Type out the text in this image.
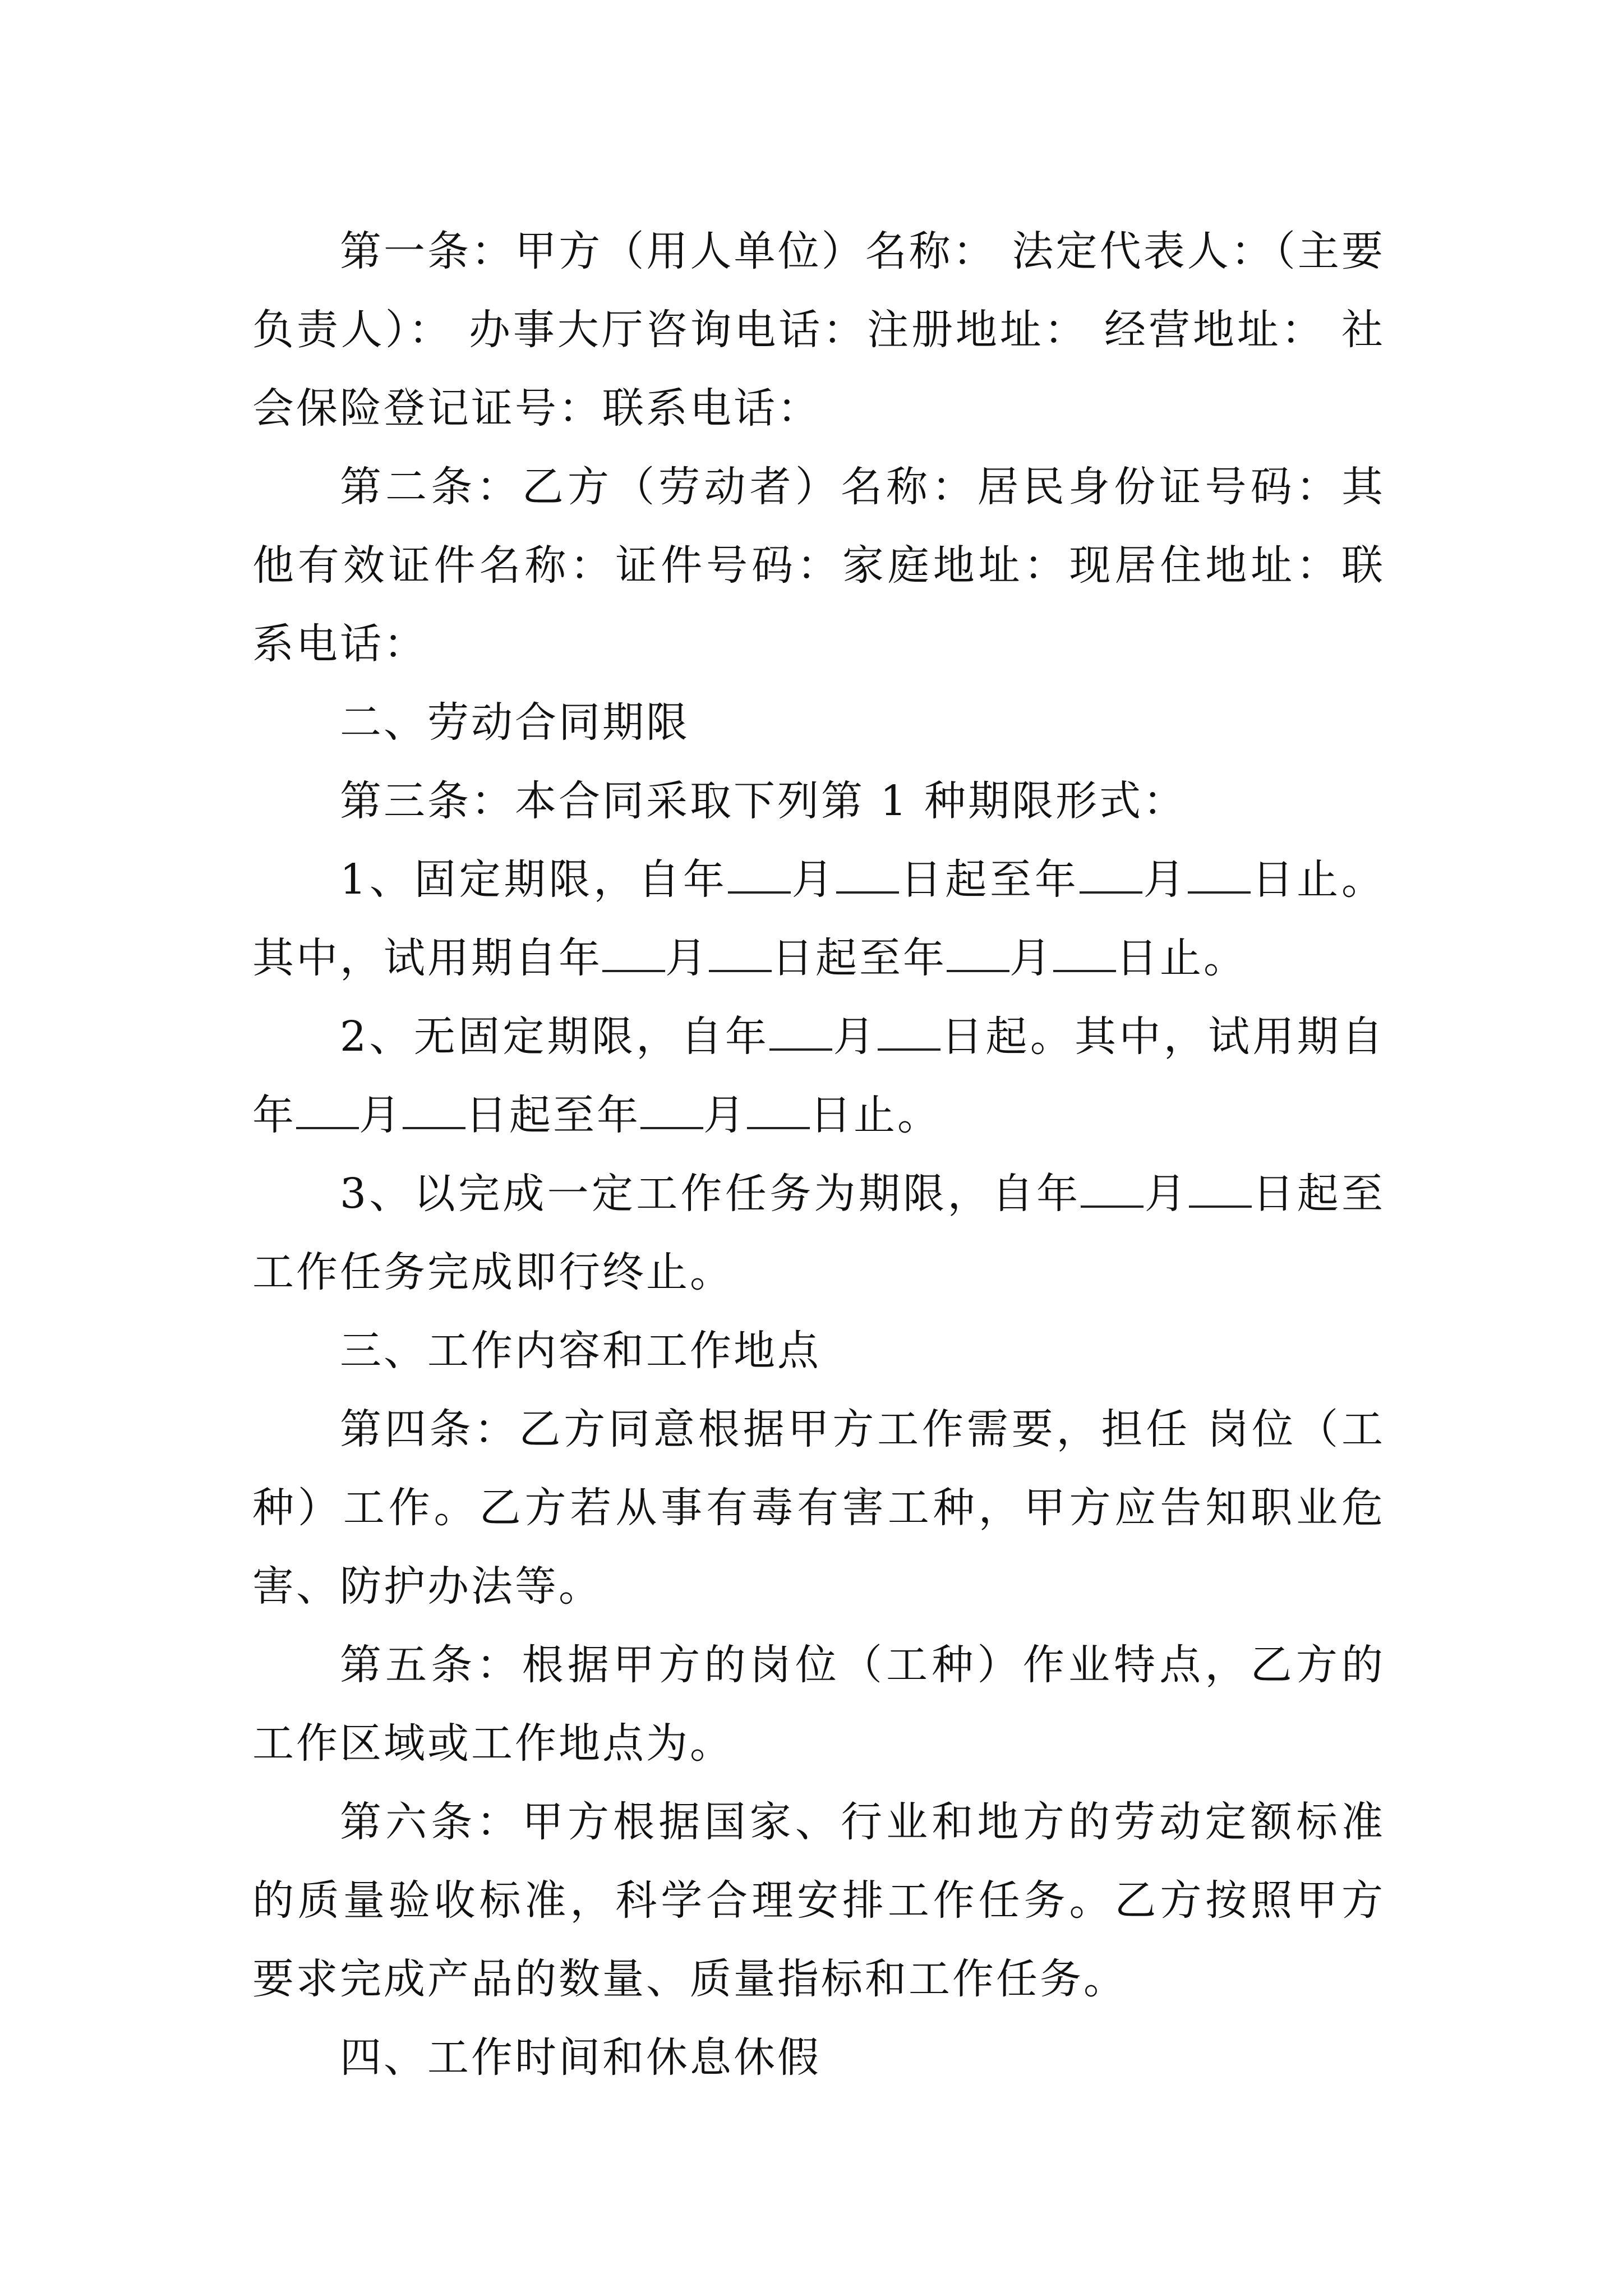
第一条：甲方（用人单位）名称： 法定代表人：（主要负责人）： 办事大厅咨询电话：注册地址： 经营地址： 社会保险登记证号：联系电话：

第二条：乙方（劳动者）名称：居民身份证号码：其他有效证件名称：证件号码：家庭地址：现居住地址：联系电话：

二、劳动合同期限

第三条：本合同采取下列第 1 种期限形式：

1、固定期限，自年 月 日起至年 月 日止。其中，试用期自年 月 日起至年 月 日止。

2、无固定期限，自年 月 日起。其中，试用期自年 月 日起至年 月 日止。

3、以完成一定工作任务为期限，自年 月 日起至 工作任务完成即行终止。

三、工作内容和工作地点

第四条：乙方同意根据甲方工作需要，担任 岗位（工种）工作。乙方若从事有毒有害工种，甲方应告知职业危害、防护办法等。

第五条：根据甲方的岗位（工种）作业特点，乙方的工作区域或工作地点为。

第六条：甲方根据国家、行业和地方的劳动定额标准的质量验收标准，科学合理安排工作任务。乙方按照甲方要求完成产品的数量、质量指标和工作任务。

四、工作时间和休息休假
